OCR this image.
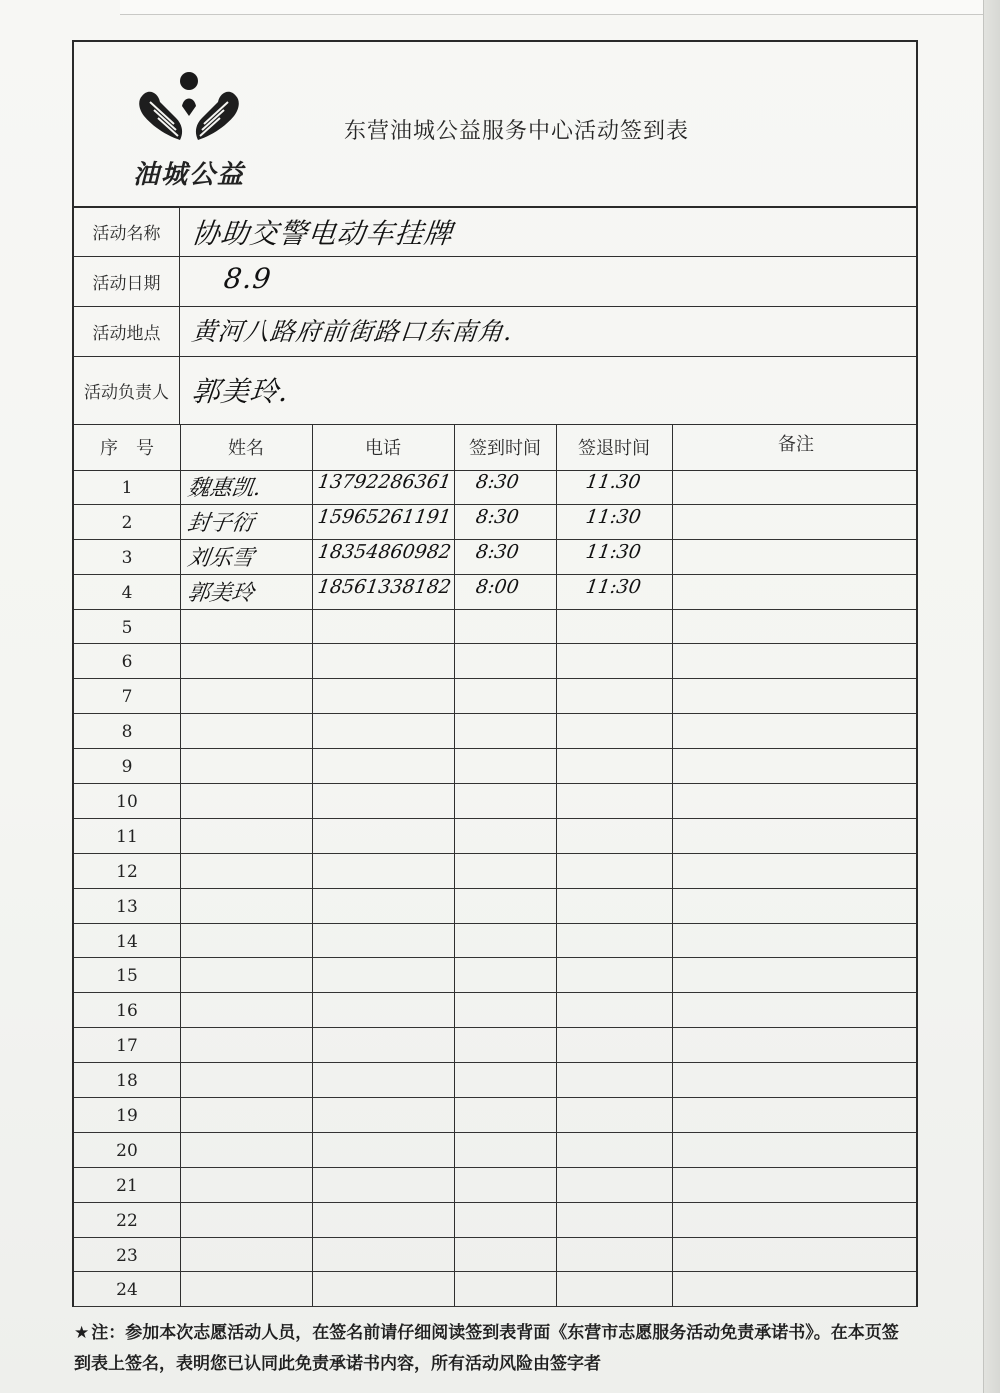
油城公益
东营油城公益服务中心活动签到表
活动名称	协助交警电动车挂牌
活动日期	8.9
活动地点	黄河八路府前街路口东南角.
活动负责人 郭美玲.
序　号	姓名	电话	签到时间	签退时间	备注
1	魏惠凯.	13792286361 8:30	11.30
2	封子衍	15965261191 8:30	11:30
3	刘乐雪	18354860982 8:30	11:30
4	郭美玲	18561338182 8:00	11:30
5
6
7
8
9
10
11
12
13
14
15
16
17
18
19
20
21
22
23
24
★ 注：参加本次志愿活动人员，在签名前请仔细阅读签到表背面《东营市志愿服务活动免责承诺书》。在本页签到表上签名，表明您已认同此免责承诺书内容，所有活动风险由签字者
